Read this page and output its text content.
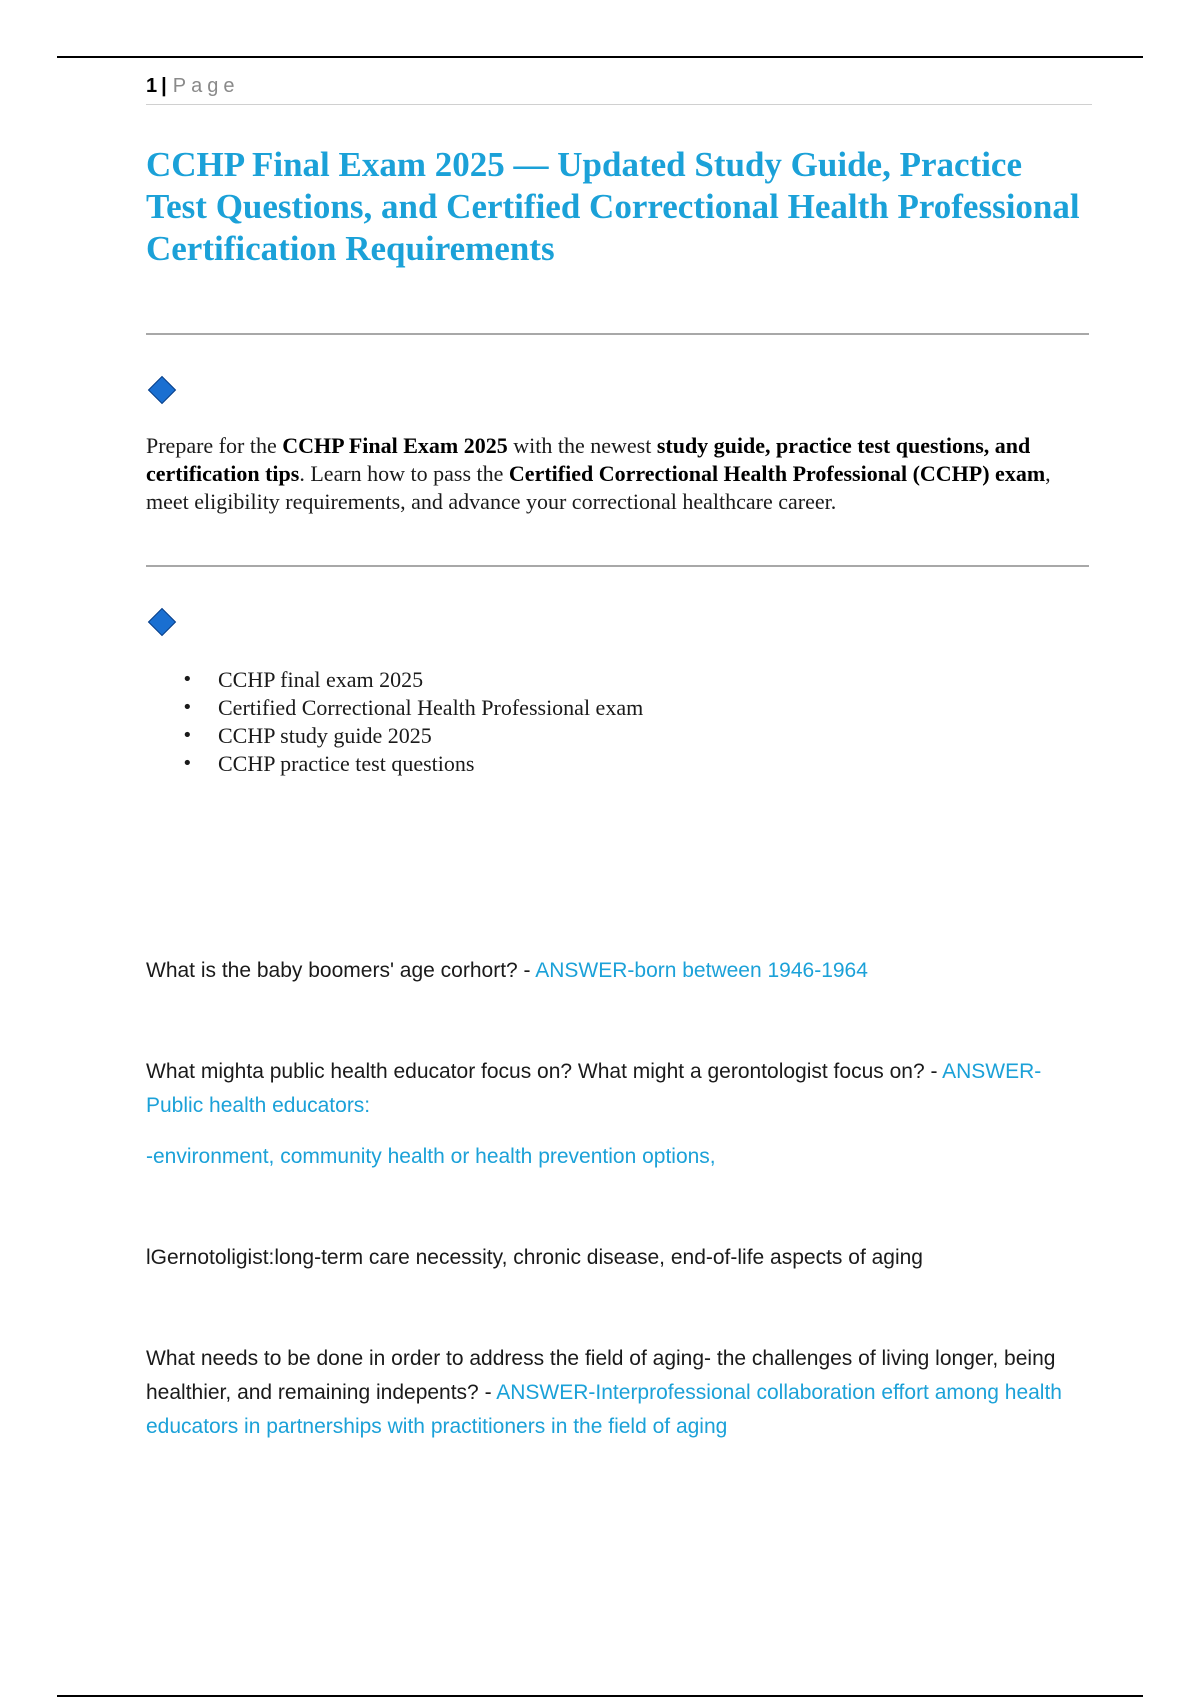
1 | Page
CCHP Final Exam 2025 — Updated Study Guide, Practice Test Questions, and Certified Correctional Health Professional Certification Requirements

Prepare for the CCHP Final Exam 2025 with the newest study guide, practice test questions, and certification tips. Learn how to pass the Certified Correctional Health Professional (CCHP) exam, meet eligibility requirements, and advance your correctional healthcare career.

• CCHP final exam 2025
• Certified Correctional Health Professional exam
• CCHP study guide 2025
• CCHP practice test questions

What is the baby boomers' age corhort? - ANSWER-born between 1946-1964

What mighta public health educator focus on? What might a gerontologist focus on? - ANSWER-Public health educators:

-environment, community health or health prevention options,

lGernotoligist:long-term care necessity, chronic disease, end-of-life aspects of aging

What needs to be done in order to address the field of aging- the challenges of living longer, being healthier, and remaining indepents? - ANSWER-Interprofessional collaboration effort among health educators in partnerships with practitioners in the field of aging
